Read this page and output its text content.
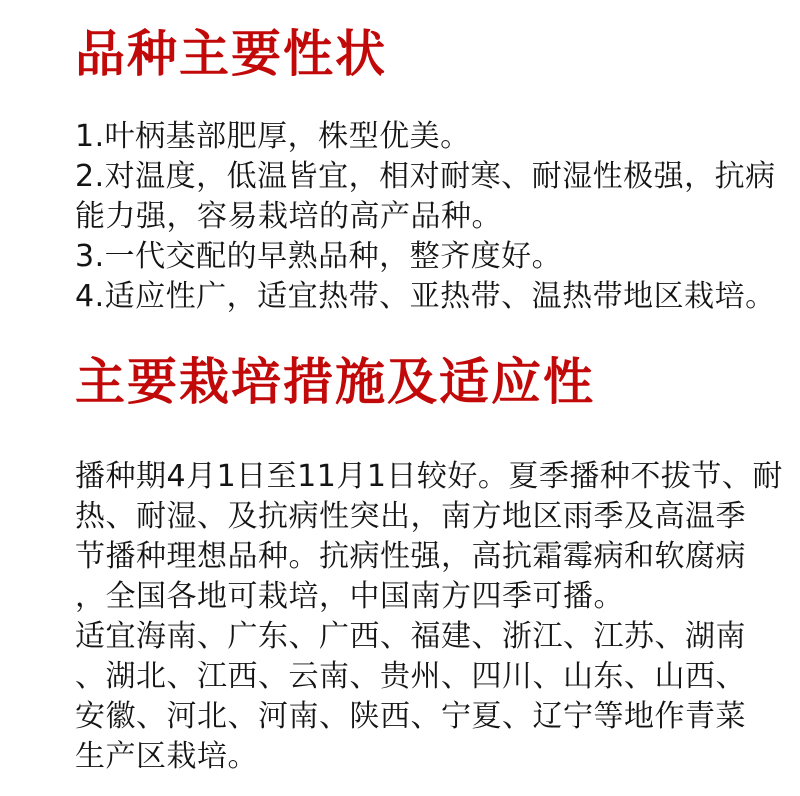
品种主要性状
1.叶柄基部肥厚，株型优美。
2.对温度，低温皆宜，相对耐寒、耐湿性极强，抗病
能力强，容易栽培的高产品种。
3.一代交配的早熟品种，整齐度好。
4.适应性广，适宜热带、亚热带、温热带地区栽培。
主要栽培措施及适应性
播种期4月1日至11月1日较好。夏季播种不拔节、耐
热、耐湿、及抗病性突出，南方地区雨季及高温季
节播种理想品种。抗病性强，高抗霜霉病和软腐病
，全国各地可栽培，中国南方四季可播。
适宜海南、广东、广西、福建、浙江、江苏、湖南
、湖北、江西、云南、贵州、四川、山东、山西、
安徽、河北、河南、陕西、宁夏、辽宁等地作青菜
生产区栽培。
